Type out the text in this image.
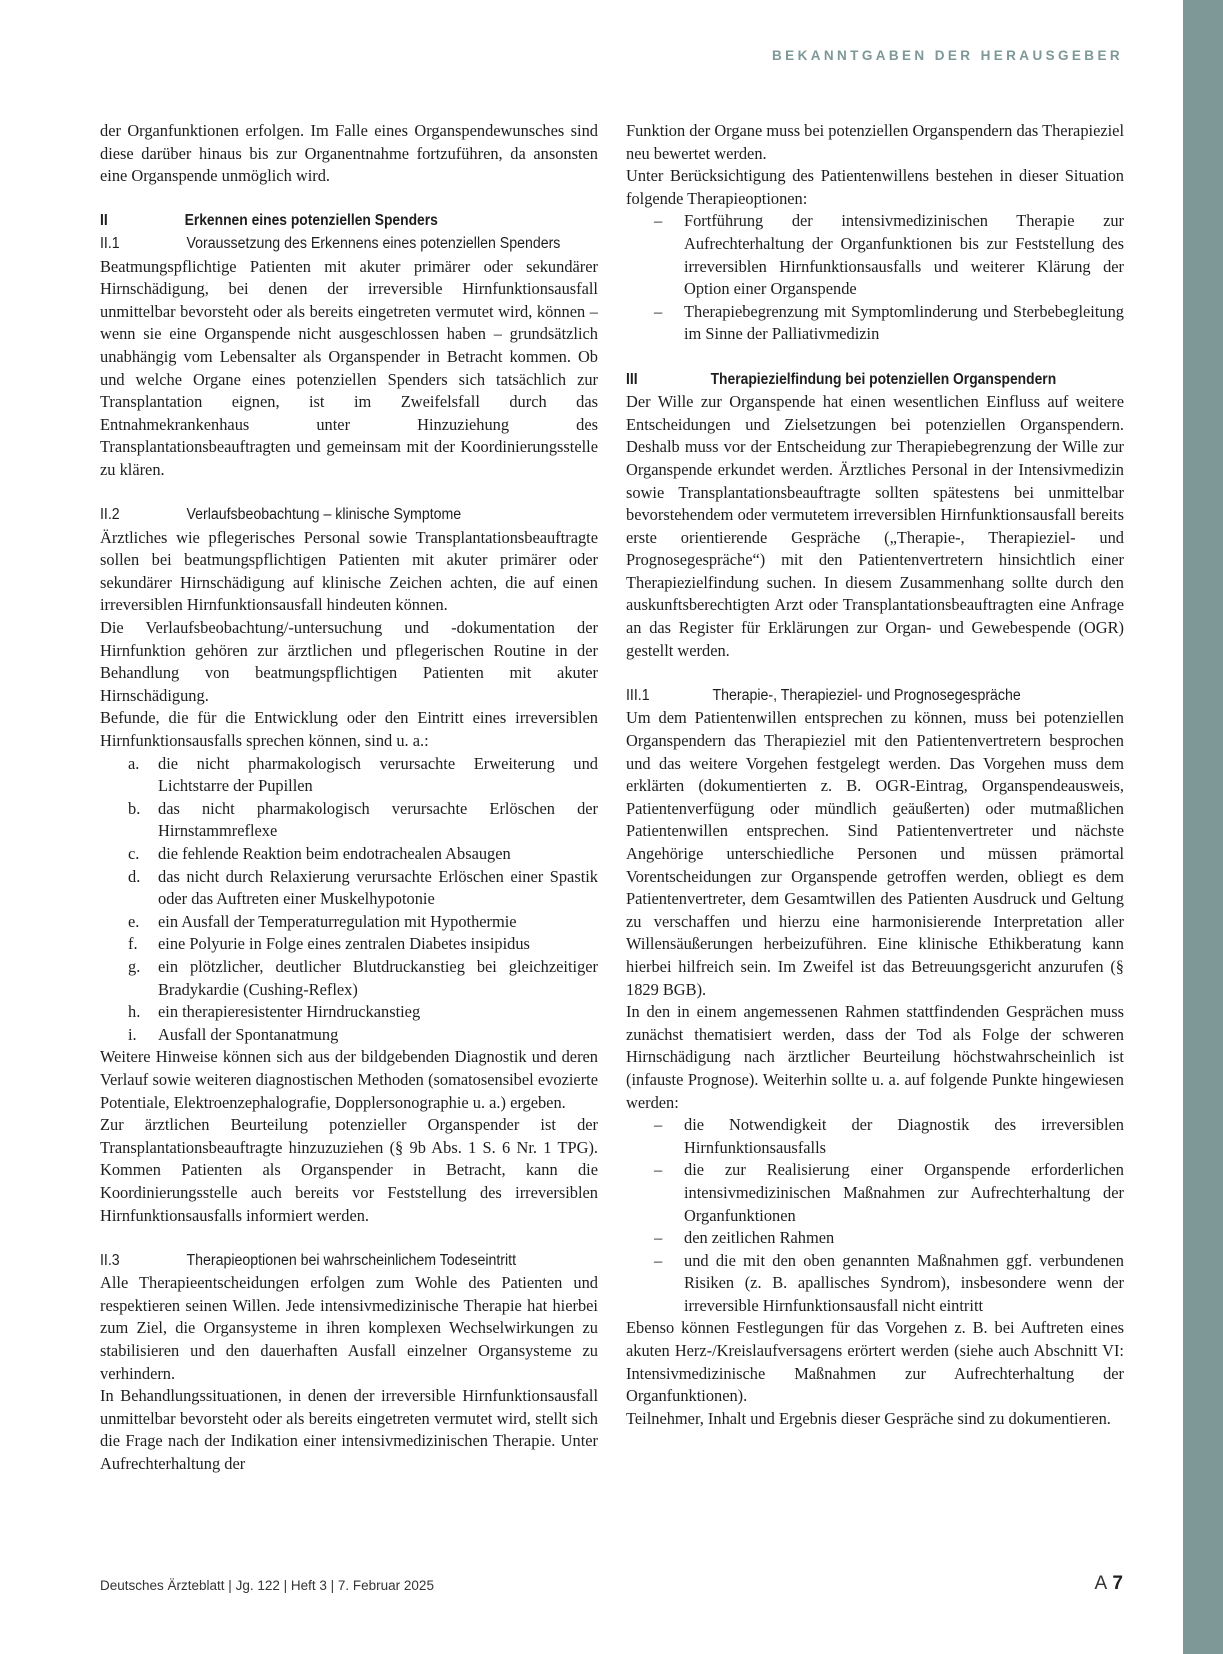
BEKANNTGABEN DER HERAUSGEBER

der Organfunktionen erfolgen. Im Falle eines Organspendewunsches sind diese darüber hinaus bis zur Organentnahme fortzuführen, da ansonsten eine Organspende unmöglich wird.

II	Erkennen eines potenziellen Spenders
II.1	Voraussetzung des Erkennens eines potenziellen Spenders

Beatmungspflichtige Patienten mit akuter primärer oder sekundärer Hirnschädigung, bei denen der irreversible Hirnfunktionsausfall unmittelbar bevorsteht oder als bereits eingetreten vermutet wird, können – wenn sie eine Organspende nicht ausgeschlossen haben – grundsätzlich unabhängig vom Lebensalter als Organspender in Betracht kommen. Ob und welche Organe eines potenziellen Spenders sich tatsächlich zur Transplantation eignen, ist im Zweifelsfall durch das Entnahmekrankenhaus unter Hinzuziehung des Transplantationsbeauftragten und gemeinsam mit der Koordinierungsstelle zu klären.

II.2	Verlaufsbeobachtung – klinische Symptome

Ärztliches wie pflegerisches Personal sowie Transplantationsbeauftragte sollen bei beatmungspflichtigen Patienten mit akuter primärer oder sekundärer Hirnschädigung auf klinische Zeichen achten, die auf einen irreversiblen Hirnfunktionsausfall hindeuten können.

Die Verlaufsbeobachtung/-untersuchung und -dokumentation der Hirnfunktion gehören zur ärztlichen und pflegerischen Routine in der Behandlung von beatmungspflichtigen Patienten mit akuter Hirnschädigung.

Befunde, die für die Entwicklung oder den Eintritt eines irreversiblen Hirnfunktionsausfalls sprechen können, sind u. a.:

a. die nicht pharmakologisch verursachte Erweiterung und Lichtstarre der Pupillen
b. das nicht pharmakologisch verursachte Erlöschen der Hirnstammreflexe
c. die fehlende Reaktion beim endotrachealen Absaugen
d. das nicht durch Relaxierung verursachte Erlöschen einer Spastik oder das Auftreten einer Muskelhypotonie
e. ein Ausfall der Temperaturregulation mit Hypothermie
f. eine Polyurie in Folge eines zentralen Diabetes insipidus
g. ein plötzlicher, deutlicher Blutdruckanstieg bei gleichzeitiger Bradykardie (Cushing-Reflex)
h. ein therapieresistenter Hirndruckanstieg
i. Ausfall der Spontanatmung

Weitere Hinweise können sich aus der bildgebenden Diagnostik und deren Verlauf sowie weiteren diagnostischen Methoden (somatosensibel evozierte Potentiale, Elektroenzephalografie, Dopplersonographie u. a.) ergeben.

Zur ärztlichen Beurteilung potenzieller Organspender ist der Transplantationsbeauftragte hinzuzuziehen (§ 9b Abs. 1 S. 6 Nr. 1 TPG). Kommen Patienten als Organspender in Betracht, kann die Koordinierungsstelle auch bereits vor Feststellung des irreversiblen Hirnfunktionsausfalls informiert werden.

II.3	Therapieoptionen bei wahrscheinlichem Todeseintritt

Alle Therapieentscheidungen erfolgen zum Wohle des Patienten und respektieren seinen Willen. Jede intensivmedizinische Therapie hat hierbei zum Ziel, die Organsysteme in ihren komplexen Wechselwirkungen zu stabilisieren und den dauerhaften Ausfall einzelner Organsysteme zu verhindern.

In Behandlungssituationen, in denen der irreversible Hirnfunktionsausfall unmittelbar bevorsteht oder als bereits eingetreten vermutet wird, stellt sich die Frage nach der Indikation einer intensivmedizinischen Therapie. Unter Aufrechterhaltung der

Funktion der Organe muss bei potenziellen Organspendern das Therapieziel neu bewertet werden.

Unter Berücksichtigung des Patientenwillens bestehen in dieser Situation folgende Therapieoptionen:

– Fortführung der intensivmedizinischen Therapie zur Aufrechterhaltung der Organfunktionen bis zur Feststellung des irreversiblen Hirnfunktionsausfalls und weiterer Klärung der Option einer Organspende
– Therapiebegrenzung mit Symptomlinderung und Sterbebegleitung im Sinne der Palliativmedizin
III	Therapiezielfindung bei potenziellen Organspendern

Der Wille zur Organspende hat einen wesentlichen Einfluss auf weitere Entscheidungen und Zielsetzungen bei potenziellen Organspendern. Deshalb muss vor der Entscheidung zur Therapiebegrenzung der Wille zur Organspende erkundet werden. Ärztliches Personal in der Intensivmedizin sowie Transplantationsbeauftragte sollten spätestens bei unmittelbar bevorstehendem oder vermutetem irreversiblen Hirnfunktionsausfall bereits erste orientierende Gespräche („Therapie-, Therapieziel- und Prognosegespräche“) mit den Patientenvertretern hinsichtlich einer Therapiezielfindung suchen. In diesem Zusammenhang sollte durch den auskunftsberechtigten Arzt oder Transplantationsbeauftragten eine Anfrage an das Register für Erklärungen zur Organ- und Gewebespende (OGR) gestellt werden.

III.1	Therapie-, Therapieziel- und Prognosegespräche

Um dem Patientenwillen entsprechen zu können, muss bei potenziellen Organspendern das Therapieziel mit den Patientenvertretern besprochen und das weitere Vorgehen festgelegt werden. Das Vorgehen muss dem erklärten (dokumentierten z. B. OGR-Eintrag, Organspendeausweis, Patientenverfügung oder mündlich geäußerten) oder mutmaßlichen Patientenwillen entsprechen. Sind Patientenvertreter und nächste Angehörige unterschiedliche Personen und müssen prämortal Vorentscheidungen zur Organspende getroffen werden, obliegt es dem Patientenvertreter, dem Gesamtwillen des Patienten Ausdruck und Geltung zu verschaffen und hierzu eine harmonisierende Interpretation aller Willensäußerungen herbeizuführen. Eine klinische Ethikberatung kann hierbei hilfreich sein. Im Zweifel ist das Betreuungsgericht anzurufen (§ 1829 BGB).

In den in einem angemessenen Rahmen stattfindenden Gesprächen muss zunächst thematisiert werden, dass der Tod als Folge der schweren Hirnschädigung nach ärztlicher Beurteilung höchstwahrscheinlich ist (infauste Prognose). Weiterhin sollte u. a. auf folgende Punkte hingewiesen werden:

– die Notwendigkeit der Diagnostik des irreversiblen Hirnfunktionsausfalls
– die zur Realisierung einer Organspende erforderlichen intensivmedizinischen Maßnahmen zur Aufrechterhaltung der Organfunktionen
– den zeitlichen Rahmen
– und die mit den oben genannten Maßnahmen ggf. verbundenen Risiken (z. B. apallisches Syndrom), insbesondere wenn der irreversible Hirnfunktionsausfall nicht eintritt

Ebenso können Festlegungen für das Vorgehen z. B. bei Auftreten eines akuten Herz-/Kreislaufversagens erörtert werden (siehe auch Abschnitt VI: Intensivmedizinische Maßnahmen zur Aufrechterhaltung der Organfunktionen).

Teilnehmer, Inhalt und Ergebnis dieser Gespräche sind zu dokumentieren.

Deutsches Ärzteblatt | Jg. 122 | Heft 3 | 7. Februar 2025	A 7
